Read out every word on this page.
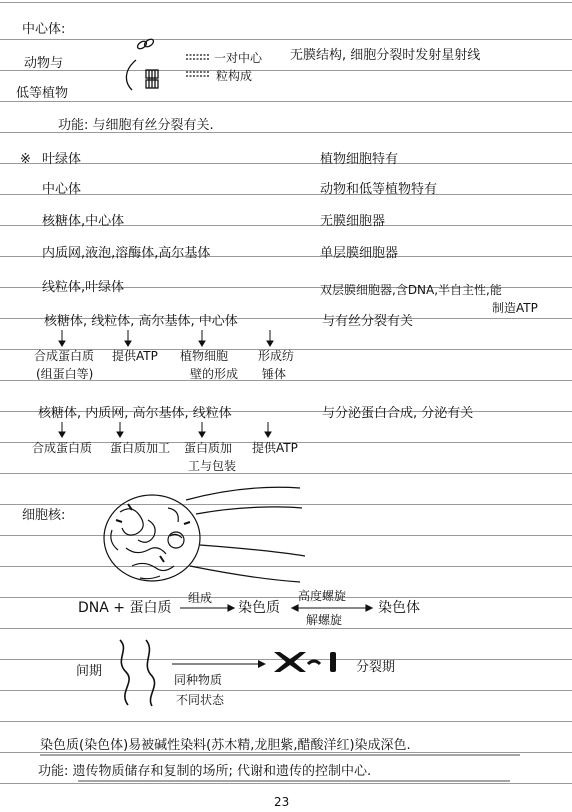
中心体:
动物与
低等植物
一对中心
粒构成
无膜结构, 细胞分裂时发射星射线
功能: 与细胞有丝分裂有关.
※ 叶绿体	植物细胞特有
中心体	动物和低等植物特有
核糖体,中心体	无膜细胞器
内质网,液泡,溶酶体,高尔基体	单层膜细胞器
线粒体,叶绿体	双层膜细胞器,含DNA,半自主性,能
制造ATP
核糖体, 线粒体, 高尔基体, 中心体	与有丝分裂有关
合成蛋白质
(组蛋白等)
提供ATP 植物细胞
壁的形成
形成纺
锤体
核糖体, 内质网, 高尔基体, 线粒体	与分泌蛋白合成, 分泌有关
合成蛋白质 蛋白质加工 蛋白质加
工与包装
提供ATP
细胞核:
DNA + 蛋白质
组成
染色质
高度螺旋
解螺旋
染色体
间期
同种物质
不同状态
分裂期
染色质(染色体)易被碱性染料(苏木精,龙胆紫,醋酸洋红)染成深色.
功能: 遗传物质储存和复制的场所; 代谢和遗传的控制中心.
23
